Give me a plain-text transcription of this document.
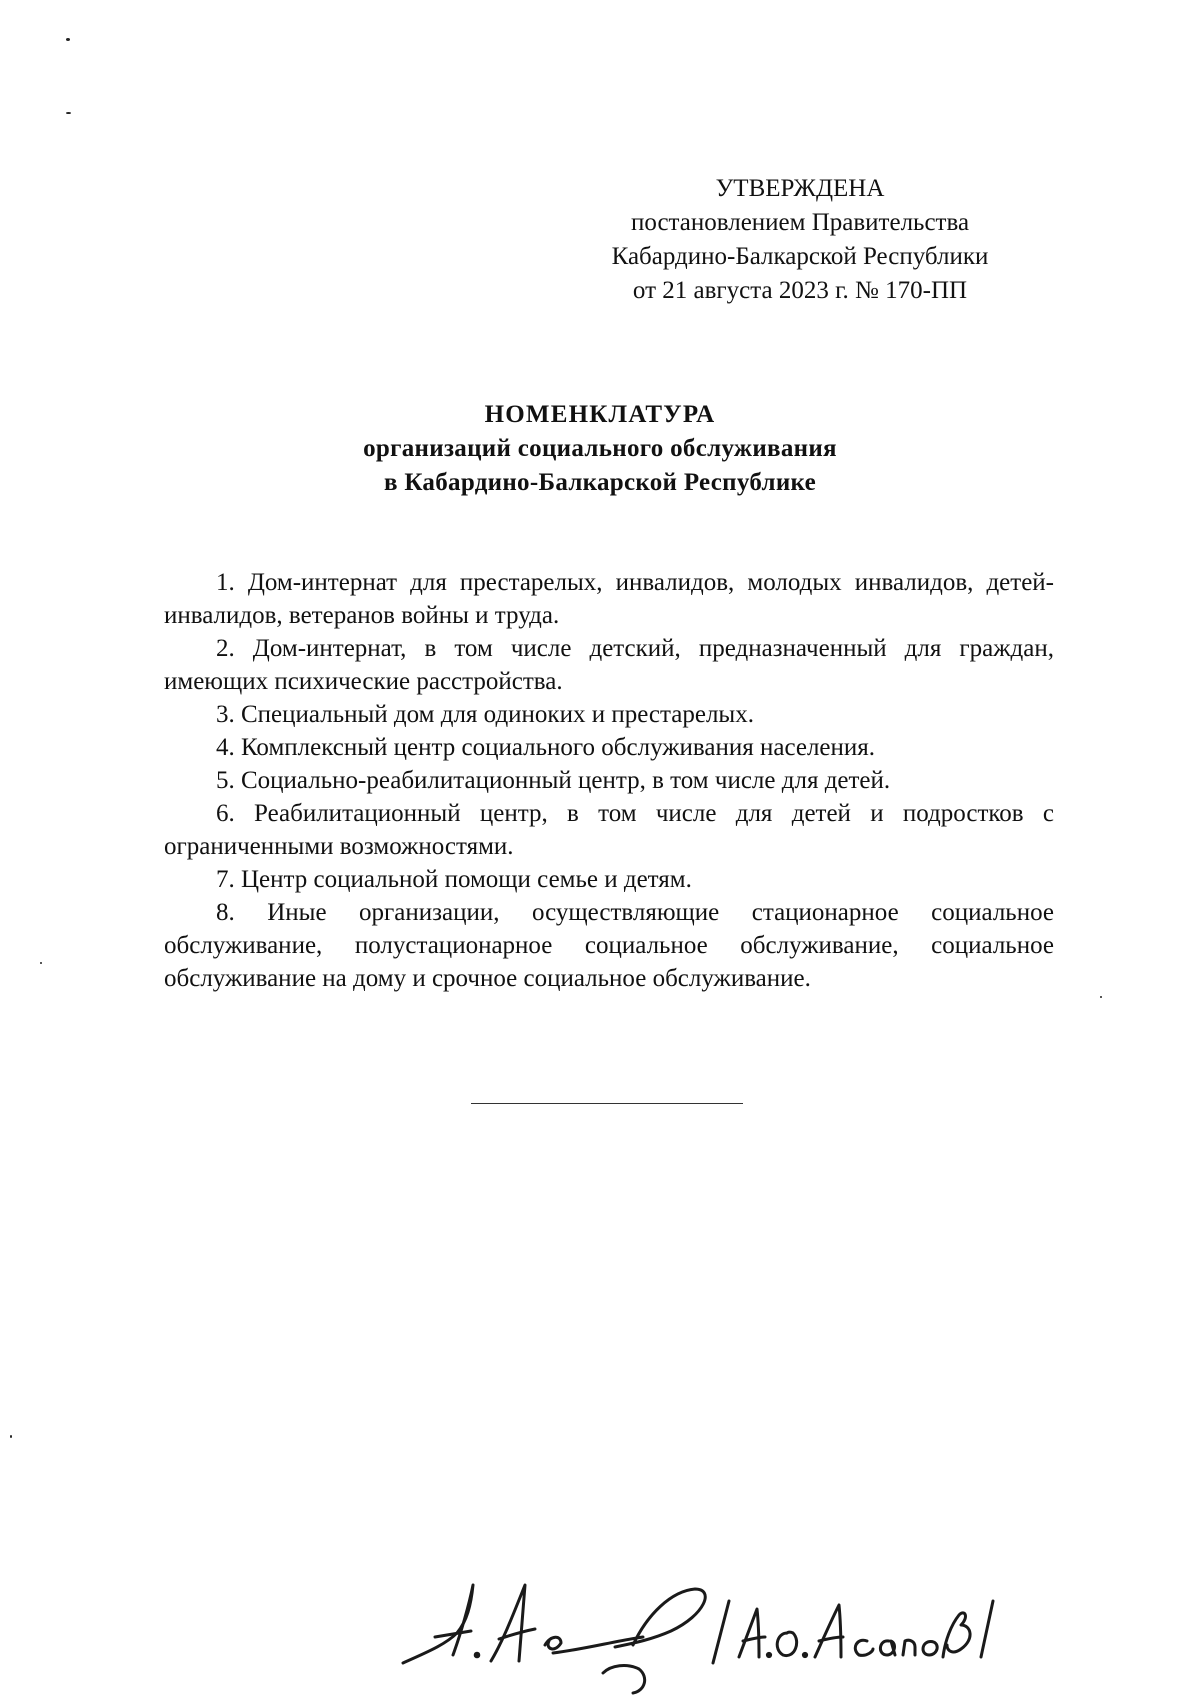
УТВЕРЖДЕНА
постановлением Правительства
Кабардино-Балкарской Республики
от 21 августа 2023 г. № 170-ПП
НОМЕНКЛАТУРА
организаций социального обслуживания
в Кабардино-Балкарской Республике

1. Дом-интернат для престарелых, инвалидов, молодых инвалидов, детей-инвалидов, ветеранов войны и труда.

2. Дом-интернат, в том числе детский, предназначенный для граждан, имеющих психические расстройства.

3. Специальный дом для одиноких и престарелых.

4. Комплексный центр социального обслуживания населения.

5. Социально-реабилитационный центр, в том числе для детей.

6. Реабилитационный центр, в том числе для детей и подростков с ограниченными возможностями.

7. Центр социальной помощи семье и детям.

8. Иные организации, осуществляющие стационарное социальное обслуживание, полустационарное социальное обслуживание, социальное обслуживание на дому и срочное социальное обслуживание.
